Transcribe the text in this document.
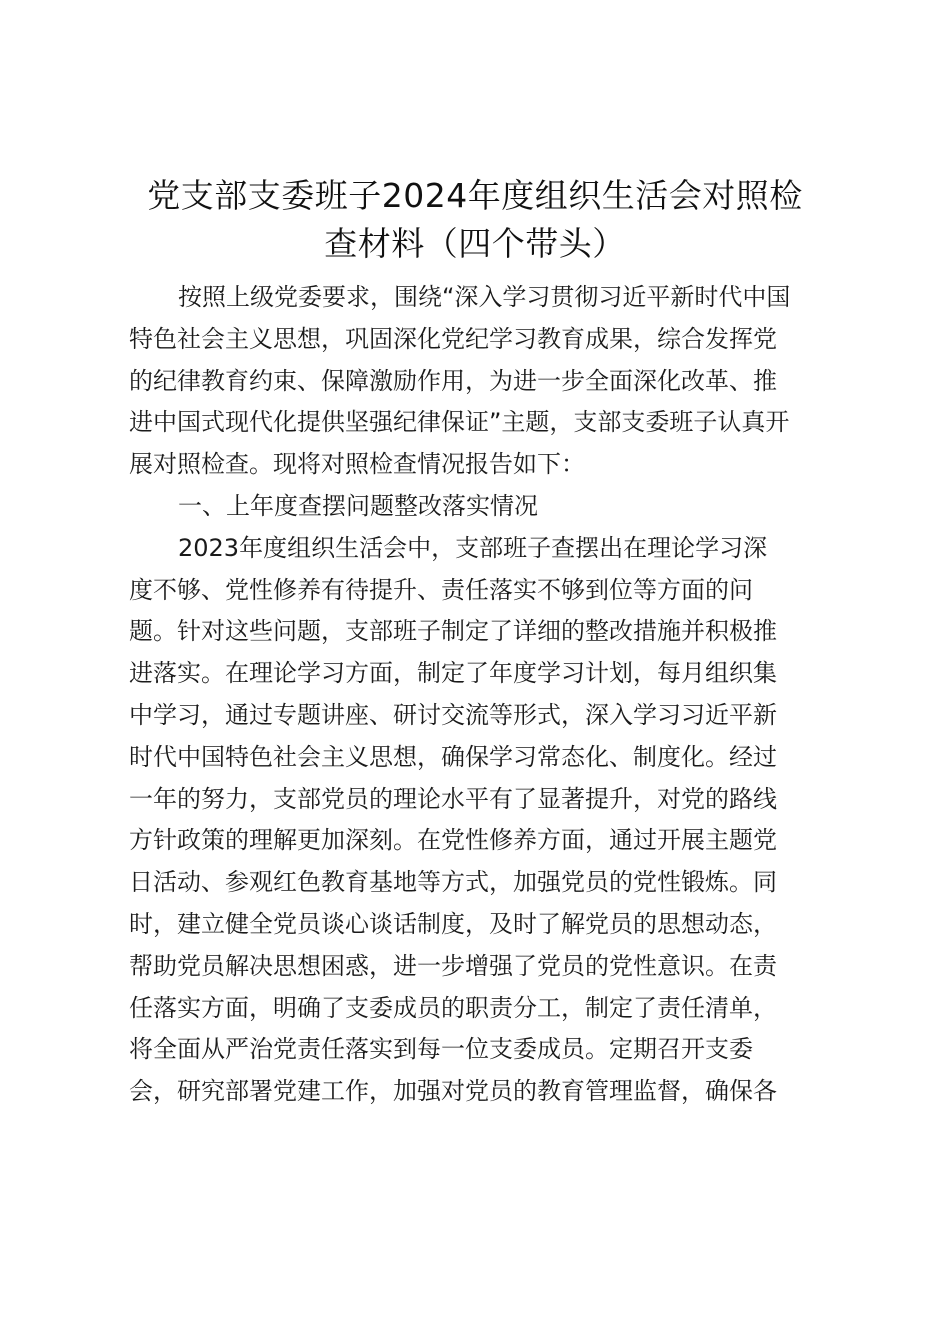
党支部支委班子2024年度组织生活会对照检
查材料（四个带头）
按照上级党委要求，围绕“深入学习贯彻习近平新时代中国
特色社会主义思想，巩固深化党纪学习教育成果，综合发挥党
的纪律教育约束、保障激励作用，为进一步全面深化改革、推
进中国式现代化提供坚强纪律保证”主题，支部支委班子认真开
展对照检查。现将对照检查情况报告如下：
一、上年度查摆问题整改落实情况
2023年度组织生活会中，支部班子查摆出在理论学习深
度不够、党性修养有待提升、责任落实不够到位等方面的问
题。针对这些问题，支部班子制定了详细的整改措施并积极推
进落实。在理论学习方面，制定了年度学习计划，每月组织集
中学习，通过专题讲座、研讨交流等形式，深入学习习近平新
时代中国特色社会主义思想，确保学习常态化、制度化。经过
一年的努力，支部党员的理论水平有了显著提升，对党的路线
方针政策的理解更加深刻。在党性修养方面，通过开展主题党
日活动、参观红色教育基地等方式，加强党员的党性锻炼。同
时，建立健全党员谈心谈话制度，及时了解党员的思想动态，
帮助党员解决思想困惑，进一步增强了党员的党性意识。在责
任落实方面，明确了支委成员的职责分工，制定了责任清单，
将全面从严治党责任落实到每一位支委成员。定期召开支委
会，研究部署党建工作，加强对党员的教育管理监督，确保各
